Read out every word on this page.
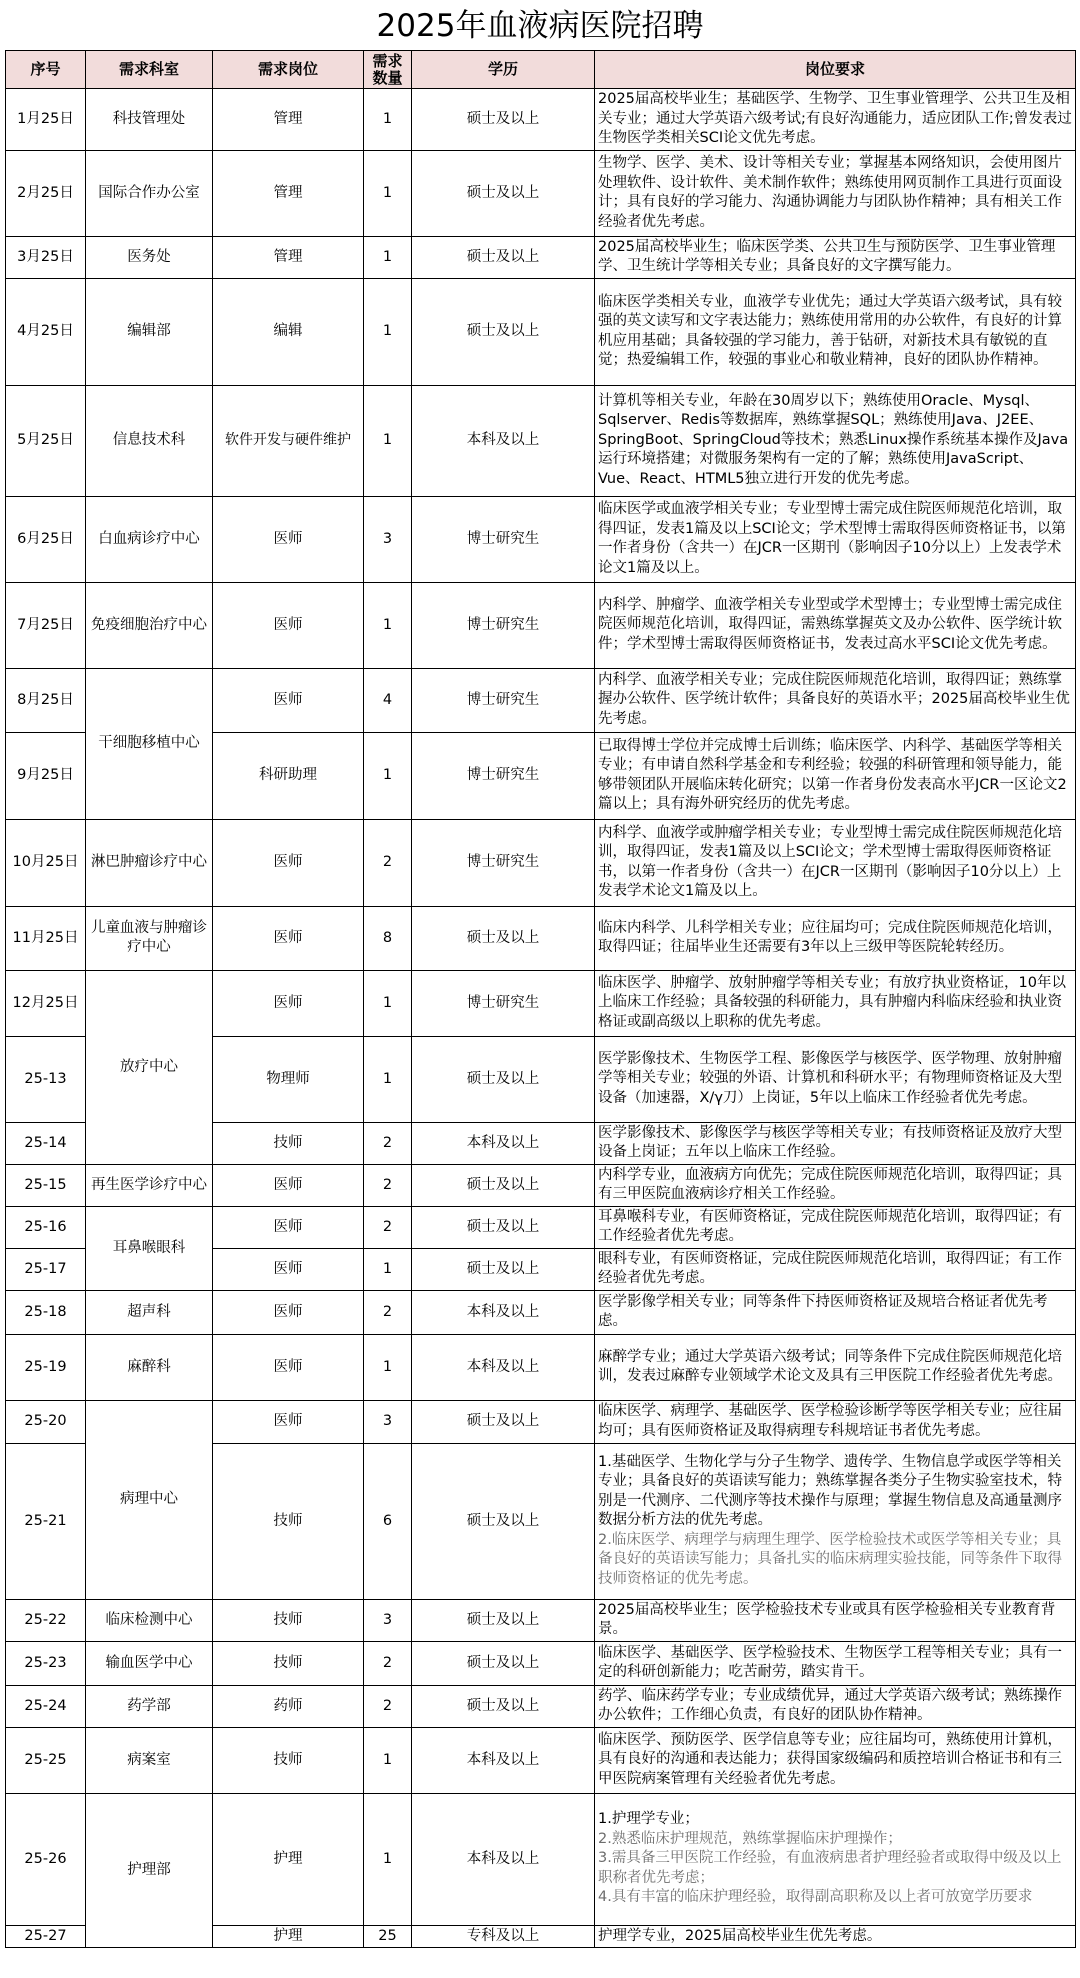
2025年血液病医院招聘
序号	需求科室	需求岗位	需求数量	学历	岗位要求
1月25日	科技管理处	管理	1	硕士及以上	2025届高校毕业生；基础医学、生物学、卫生事业管理学、公共卫生及相关专业；通过大学英语六级考试;有良好沟通能力，适应团队工作;曾发表过生物医学类相关SCI论文优先考虑。
2月25日	国际合作办公室	管理	1	硕士及以上	生物学、医学、美术、设计等相关专业；掌握基本网络知识，会使用图片处理软件、设计软件、美术制作软件；熟练使用网页制作工具进行页面设计；具有良好的学习能力、沟通协调能力与团队协作精神；具有相关工作经验者优先考虑。
3月25日	医务处	管理	1	硕士及以上	2025届高校毕业生；临床医学类、公共卫生与预防医学、卫生事业管理学、卫生统计学等相关专业；具备良好的文字撰写能力。
4月25日	编辑部	编辑	1	硕士及以上	临床医学类相关专业，血液学专业优先；通过大学英语六级考试，具有较强的英文读写和文字表达能力；熟练使用常用的办公软件，有良好的计算机应用基础；具备较强的学习能力，善于钻研，对新技术具有敏锐的直觉；热爱编辑工作，较强的事业心和敬业精神，良好的团队协作精神。
5月25日	信息技术科	软件开发与硬件维护	1	本科及以上	计算机等相关专业，年龄在30周岁以下；熟练使用Oracle、Mysql、Sqlserver、Redis等数据库，熟练掌握SQL；熟练使用Java、J2EE、SpringBoot、SpringCloud等技术；熟悉Linux操作系统基本操作及Java运行环境搭建；对微服务架构有一定的了解；熟练使用JavaScript、Vue、React、HTML5独立进行开发的优先考虑。
6月25日	白血病诊疗中心	医师	3	博士研究生	临床医学或血液学相关专业；专业型博士需完成住院医师规范化培训，取得四证，发表1篇及以上SCI论文；学术型博士需取得医师资格证书，以第一作者身份（含共一）在JCR一区期刊（影响因子10分以上）上发表学术论文1篇及以上。
7月25日	免疫细胞治疗中心	医师	1	博士研究生	内科学、肿瘤学、血液学相关专业型或学术型博士；专业型博士需完成住院医师规范化培训，取得四证，需熟练掌握英文及办公软件、医学统计软件；学术型博士需取得医师资格证书，发表过高水平SCI论文优先考虑。
8月25日	干细胞移植中心	医师	4	博士研究生	内科学、血液学相关专业；完成住院医师规范化培训，取得四证；熟练掌握办公软件、医学统计软件；具备良好的英语水平；2025届高校毕业生优先考虑。
9月25日		科研助理	1	博士研究生	已取得博士学位并完成博士后训练；临床医学、内科学、基础医学等相关专业；有申请自然科学基金和专利经验；较强的科研管理和领导能力，能够带领团队开展临床转化研究；以第一作者身份发表高水平JCR一区论文2篇以上；具有海外研究经历的优先考虑。
10月25日	淋巴肿瘤诊疗中心	医师	2	博士研究生	内科学、血液学或肿瘤学相关专业；专业型博士需完成住院医师规范化培训，取得四证，发表1篇及以上SCI论文；学术型博士需取得医师资格证书，以第一作者身份（含共一）在JCR一区期刊（影响因子10分以上）上发表学术论文1篇及以上。
11月25日	儿童血液与肿瘤诊疗中心	医师	8	硕士及以上	临床内科学、儿科学相关专业；应往届均可；完成住院医师规范化培训，取得四证；往届毕业生还需要有3年以上三级甲等医院轮转经历。
12月25日	放疗中心	医师	1	博士研究生	临床医学、肿瘤学、放射肿瘤学等相关专业；有放疗执业资格证，10年以上临床工作经验；具备较强的科研能力，具有肿瘤内科临床经验和执业资格证或副高级以上职称的优先考虑。
25-13		物理师	1	硕士及以上	医学影像技术、生物医学工程、影像医学与核医学、医学物理、放射肿瘤学等相关专业；较强的外语、计算机和科研水平；有物理师资格证及大型设备（加速器，X/γ刀）上岗证，5年以上临床工作经验者优先考虑。
25-14		技师	2	本科及以上	医学影像技术、影像医学与核医学等相关专业；有技师资格证及放疗大型设备上岗证；五年以上临床工作经验。
25-15	再生医学诊疗中心	医师	2	硕士及以上	内科学专业，血液病方向优先；完成住院医师规范化培训，取得四证；具有三甲医院血液病诊疗相关工作经验。
25-16	耳鼻喉眼科	医师	2	硕士及以上	耳鼻喉科专业，有医师资格证，完成住院医师规范化培训，取得四证；有工作经验者优先考虑。
25-17		医师	1	硕士及以上	眼科专业，有医师资格证，完成住院医师规范化培训，取得四证；有工作经验者优先考虑。
25-18	超声科	医师	2	本科及以上	医学影像学相关专业；同等条件下持医师资格证及规培合格证者优先考虑。
25-19	麻醉科	医师	1	本科及以上	麻醉学专业；通过大学英语六级考试；同等条件下完成住院医师规范化培训，发表过麻醉专业领域学术论文及具有三甲医院工作经验者优先考虑。
25-20	病理中心	医师	3	硕士及以上	临床医学、病理学、基础医学、医学检验诊断学等医学相关专业；应往届均可；具有医师资格证及取得病理专科规培证书者优先考虑。
25-21		技师	6	硕士及以上	1.基础医学、生物化学与分子生物学、遗传学、生物信息学或医学等相关专业；具备良好的英语读写能力；熟练掌握各类分子生物实验室技术，特别是一代测序、二代测序等技术操作与原理；掌握生物信息及高通量测序数据分析方法的优先考虑。
2.临床医学、病理学与病理生理学、医学检验技术或医学等相关专业；具备良好的英语读写能力；具备扎实的临床病理实验技能，同等条件下取得技师资格证的优先考虑。

25-22	临床检测中心	技师	3	硕士及以上	2025届高校毕业生；医学检验技术专业或具有医学检验相关专业教育背景。
25-23	输血医学中心	技师	2	硕士及以上	临床医学、基础医学、医学检验技术、生物医学工程等相关专业；具有一定的科研创新能力；吃苦耐劳，踏实肯干。
25-24	药学部	药师	2	硕士及以上	药学、临床药学专业；专业成绩优异，通过大学英语六级考试；熟练操作办公软件；工作细心负责，有良好的团队协作精神。
25-25	病案室	技师	1	本科及以上	临床医学、预防医学、医学信息等专业；应往届均可，熟练使用计算机，具有良好的沟通和表达能力；获得国家级编码和质控培训合格证书和有三甲医院病案管理有关经验者优先考虑。
25-26	护理部	护理	1	本科及以上	1.护理学专业；
2.熟悉临床护理规范，熟练掌握临床护理操作；
3.需具备三甲医院工作经验，有血液病患者护理经验者或取得中级及以上职称者优先考虑；
4.具有丰富的临床护理经验，取得副高职称及以上者可放宽学历要求

25-27		护理	25	专科及以上	护理学专业，2025届高校毕业生优先考虑。
